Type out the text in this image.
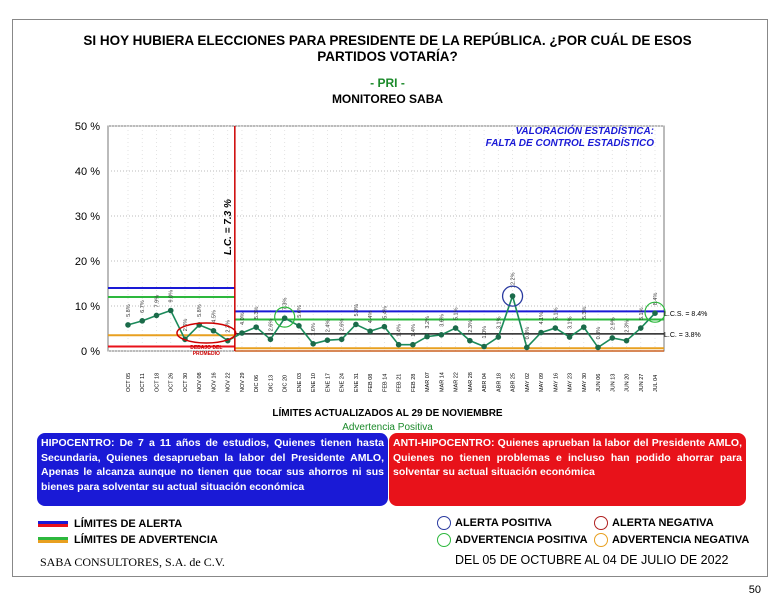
SI HOY HUBIERA ELECCIONES PARA PRESIDENTE DE LA REPÚBLICA. ¿POR CUÁL DE ESOS PARTIDOS VOTARÍA?
- PRI -
MONITOREO SABA
0 %
10 %
20 %
30 %
40 %
50 %
L.C. = 7.3 %
5.8%
OCT 05
6.7%
OCT 11
7.9%
OCT 18
9.0%
OCT 26
2.6%
OCT 30
5.8%
NOV 08
4.5%
NOV 16
2.3%
NOV 22
4.0%
NOV 29
5.3%
DIC 06
2.6%
DIC 13
7.3%
DIC 20
5.6%
ENE 03
1.6%
ENE 10
2.4%
ENE 17
2.6%
ENE 24
5.9%
ENE 31
4.4%
FEB 08
5.4%
FEB 14
1.4%
FEB 21
1.4%
FEB 28
3.2%
MAR 07
3.6%
MAR 14
5.1%
MAR 22
2.3%
MAR 28
1.0%
ABR 04
3.1%
ABR 18
12.2%
ABR 25
0.8%
MAY 02
4.1%
MAY 09
5.1%
MAY 16
3.1%
MAY 23
5.3%
MAY 30
0.8%
JUN 06
2.9%
JUN 13
2.3%
JUN 20
5.1%
JUN 27
8.4%
JUL 04
DEBAJO DEL
PROMEDIO
L.C.S. = 8.4%
L.C. = 3.8%
VALORACIÓN ESTADÍSTICA:
FALTA DE CONTROL ESTADÍSTICO
LÍMITES ACTUALIZADOS AL 29 DE NOVIEMBRE
Advertencia Positiva
HIPOCENTRO: De 7 a 11 años de estudios, Quienes tienen hasta Secundaria, Quienes desaprueban la labor del Presidente AMLO, Apenas le alcanza aunque no tienen que tocar sus ahorros ni sus bienes para solventar su actual situación económica
ANTI-HIPOCENTRO: Quienes aprueban la labor del Presidente AMLO, Quienes no tienen problemas e incluso han podido ahorrar para solventar su actual situación económica
LÍMITES DE ALERTA
LÍMITES DE ADVERTENCIA
ALERTA POSITIVA
ADVERTENCIA POSITIVA
ALERTA NEGATIVA
ADVERTENCIA NEGATIVA
SABA CONSULTORES, S.A. de C.V.	DEL 05 DE OCTUBRE AL 04 DE JULIO DE 2022
50
